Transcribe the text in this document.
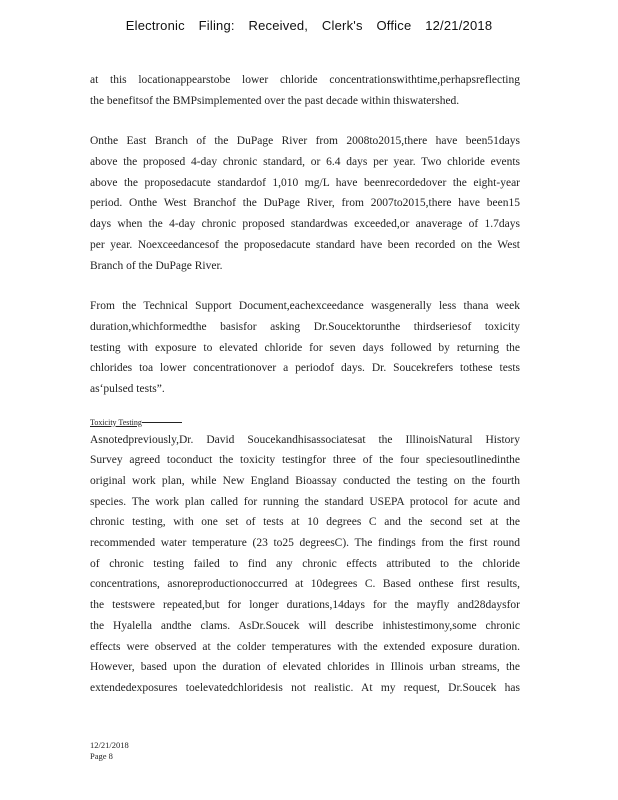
Electronic Filing: Received, Clerk's Office 12/21/2018
at this locationappearstobe lower chloride concentrationswithtime,perhapsreflecting
the benefitsof the BMPsimplemented over the past decade within thiswatershed.
Onthe East Branch of the DuPage River from 2008to2015,there have been51days
above the proposed 4-day chronic standard, or 6.4 days per year. Two chloride events
above the proposedacute standardof 1,010 mg/L have beenrecordedover the eight-year
period. Onthe West Branchof the DuPage River, from 2007to2015,there have been15
days when the 4-day chronic proposed standardwas exceeded,or anaverage of 1.7days
per year. Noexceedancesof the proposedacute standard have been recorded on the West
Branch of the DuPage River.
From the Technical Support Document,eachexceedance wasgenerally less thana week
duration,whichformedthe basisfor asking Dr.Soucektorunthe thirdseriesof toxicity
testing with exposure to elevated chloride for seven days followed by returning the
chlorides toa lower concentrationover a periodof days. Dr. Soucekrefers tothese tests
as‘pulsed tests”.
Toxicity Testing
Asnotedpreviously,Dr. David Soucekandhisassociatesat the IllinoisNatural History
Survey agreed toconduct the toxicity testingfor three of the four speciesoutlinedinthe
original work plan, while New England Bioassay conducted the testing on the fourth
species. The work plan called for running the standard USEPA protocol for acute and
chronic testing, with one set of tests at 10 degrees C and the second set at the
recommended water temperature (23 to25 degreesC). The findings from the first round
of chronic testing failed to find any chronic effects attributed to the chloride
concentrations, asnoreproductionoccurred at 10degrees C. Based onthese first results,
the testswere repeated,but for longer durations,14days for the mayfly and28daysfor
the Hyalella andthe clams. AsDr.Soucek will describe inhistestimony,some chronic
effects were observed at the colder temperatures with the extended exposure duration.
However, based upon the duration of elevated chlorides in Illinois urban streams, the
extendedexposures toelevatedchloridesis not realistic. At my request, Dr.Soucek has
12/21/2018
Page 8
